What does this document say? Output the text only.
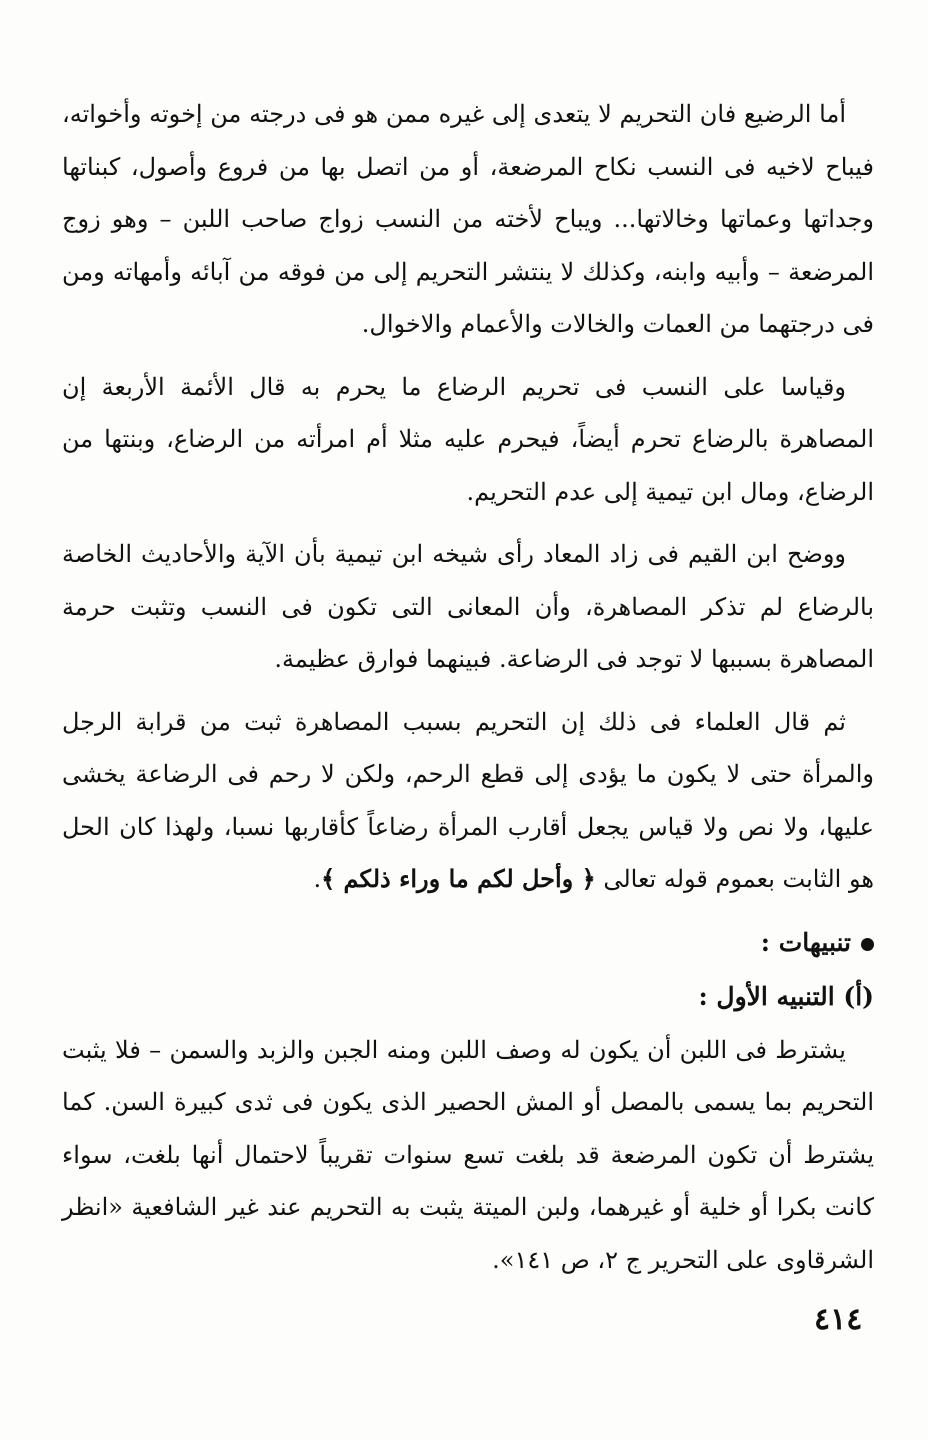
أما الرضيع فان التحريم لا يتعدى إلى غيره ممن هو فى درجته من إخوته وأخواته، فيباح لاخيه فى النسب نكاح المرضعة، أو من اتصل بها من فروع وأصول، كبناتها وجداتها وعماتها وخالاتها... ويباح لأخته من النسب زواج صاحب اللبن – وهو زوج المرضعة – وأبيه وابنه، وكذلك لا ينتشر التحريم إلى من فوقه من آبائه وأمهاته ومن فى درجتهما من العمات والخالات والأعمام والاخوال.

وقياسا على النسب فى تحريم الرضاع ما يحرم به قال الأئمة الأربعة إن المصاهرة بالرضاع تحرم أيضاً، فيحرم عليه مثلا أم امرأته من الرضاع، وبنتها من الرضاع، ومال ابن تيمية إلى عدم التحريم.

ووضح ابن القيم فى زاد المعاد رأى شيخه ابن تيمية بأن الآية والأحاديث الخاصة بالرضاع لم تذكر المصاهرة، وأن المعانى التى تكون فى النسب وتثبت حرمة المصاهرة بسببها لا توجد فى الرضاعة. فبينهما فوارق عظيمة.

ثم قال العلماء فى ذلك إن التحريم بسبب المصاهرة ثبت من قرابة الرجل والمرأة حتى لا يكون ما يؤدى إلى قطع الرحم، ولكن لا رحم فى الرضاعة يخشى عليها، ولا نص ولا قياس يجعل أقارب المرأة رضاعاً كأقاربها نسبا، ولهذا كان الحل هو الثابت بعموم قوله تعالى ﴿ وأحل لكم ما وراء ذلكم ﴾.

تنبيهات :

(أ) التنبيه الأول :

يشترط فى اللبن أن يكون له وصف اللبن ومنه الجبن والزبد والسمن – فلا يثبت التحريم بما يسمى بالمصل أو المش الحصير الذى يكون فى ثدى كبيرة السن. كما يشترط أن تكون المرضعة قد بلغت تسع سنوات تقريباً لاحتمال أنها بلغت، سواء كانت بكرا أو خلية أو غيرهما، ولبن الميتة يثبت به التحريم عند غير الشافعية «انظر الشرقاوى على التحرير ج ٢، ص ١٤١».

٤١٤
